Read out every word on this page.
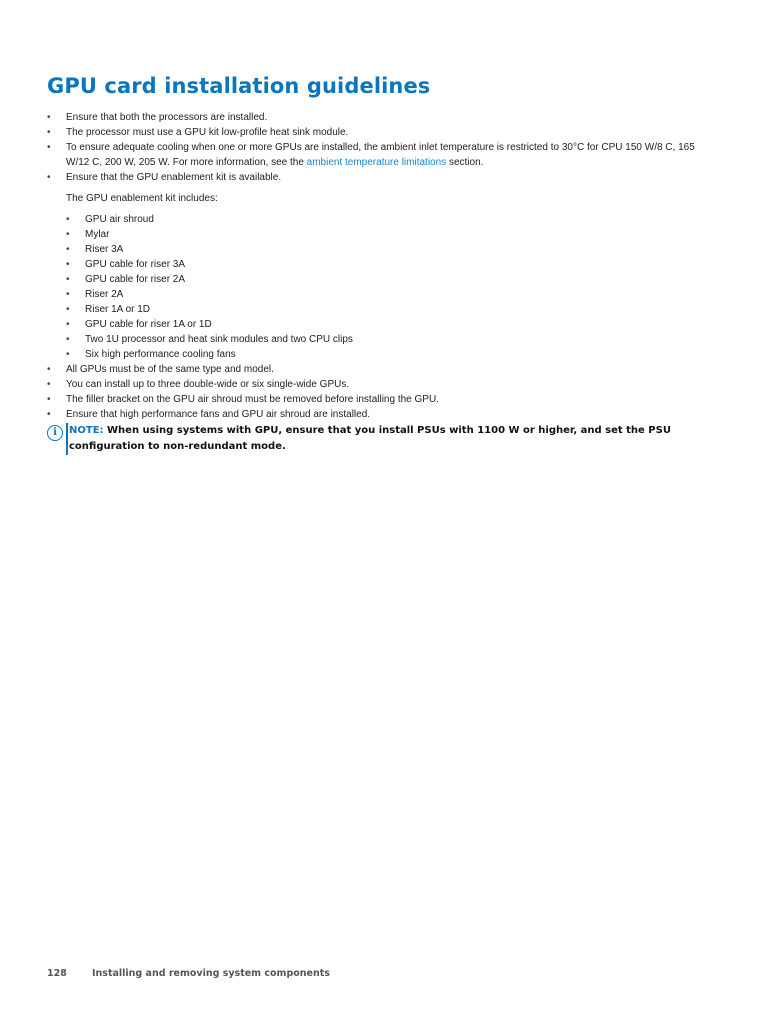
GPU card installation guidelines
•	Ensure that both the processors are installed.
•	The processor must use a GPU kit low-profile heat sink module.
•	To ensure adequate cooling when one or more GPUs are installed, the ambient inlet temperature is restricted to 30°C for CPU 150 W/8 C, 165 W/12 C, 200 W, 205 W. For more information, see the ambient temperature limitations section.
•	Ensure that the GPU enablement kit is available.
The GPU enablement kit includes:
•	GPU air shroud
•	Mylar
•	Riser 3A
•	GPU cable for riser 3A
•	GPU cable for riser 2A
•	Riser 2A
•	Riser 1A or 1D
•	GPU cable for riser 1A or 1D
•	Two 1U processor and heat sink modules and two CPU clips
•	Six high performance cooling fans
•	All GPUs must be of the same type and model.
•	You can install up to three double-wide or six single-wide GPUs.
•	The filler bracket on the GPU air shroud must be removed before installing the GPU.
•	Ensure that high performance fans and GPU air shroud are installed.
i	NOTE: When using systems with GPU, ensure that you install PSUs with 1100 W or higher, and set the PSU configuration to non-redundant mode.
128	Installing and removing system components
